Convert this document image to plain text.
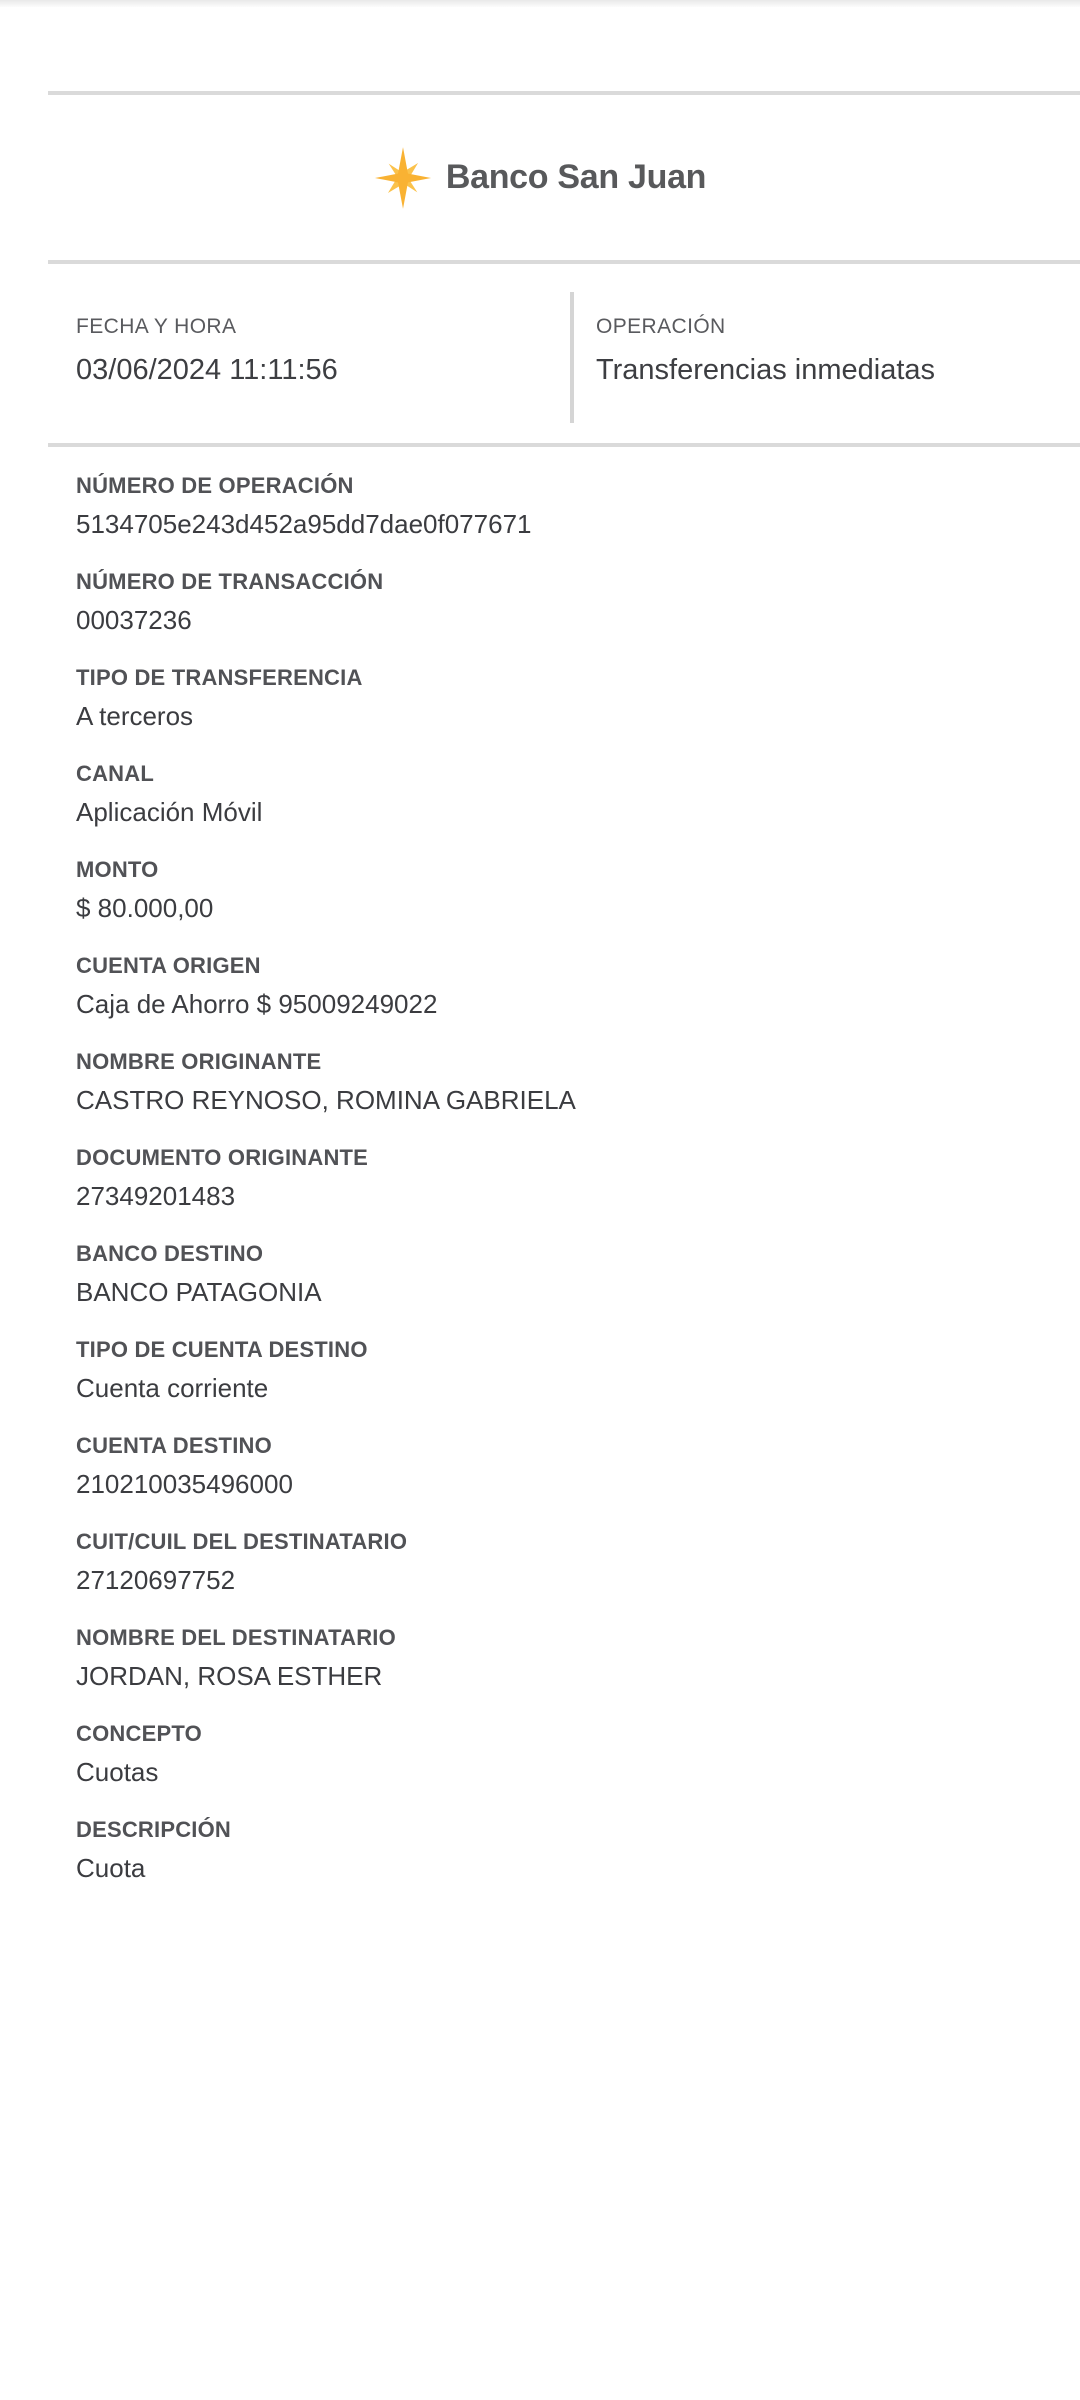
Banco San Juan
FECHA Y HORA
03/06/2024 11:11:56
OPERACIÓN
Transferencias inmediatas
NÚMERO DE OPERACIÓN
5134705e243d452a95dd7dae0f077671
NÚMERO DE TRANSACCIÓN
00037236
TIPO DE TRANSFERENCIA
A terceros
CANAL
Aplicación Móvil
MONTO
$ 80.000,00
CUENTA ORIGEN
Caja de Ahorro $ 95009249022
NOMBRE ORIGINANTE
CASTRO REYNOSO, ROMINA GABRIELA
DOCUMENTO ORIGINANTE
27349201483
BANCO DESTINO
BANCO PATAGONIA
TIPO DE CUENTA DESTINO
Cuenta corriente
CUENTA DESTINO
210210035496000
CUIT/CUIL DEL DESTINATARIO
27120697752
NOMBRE DEL DESTINATARIO
JORDAN, ROSA ESTHER
CONCEPTO
Cuotas
DESCRIPCIÓN
Cuota
